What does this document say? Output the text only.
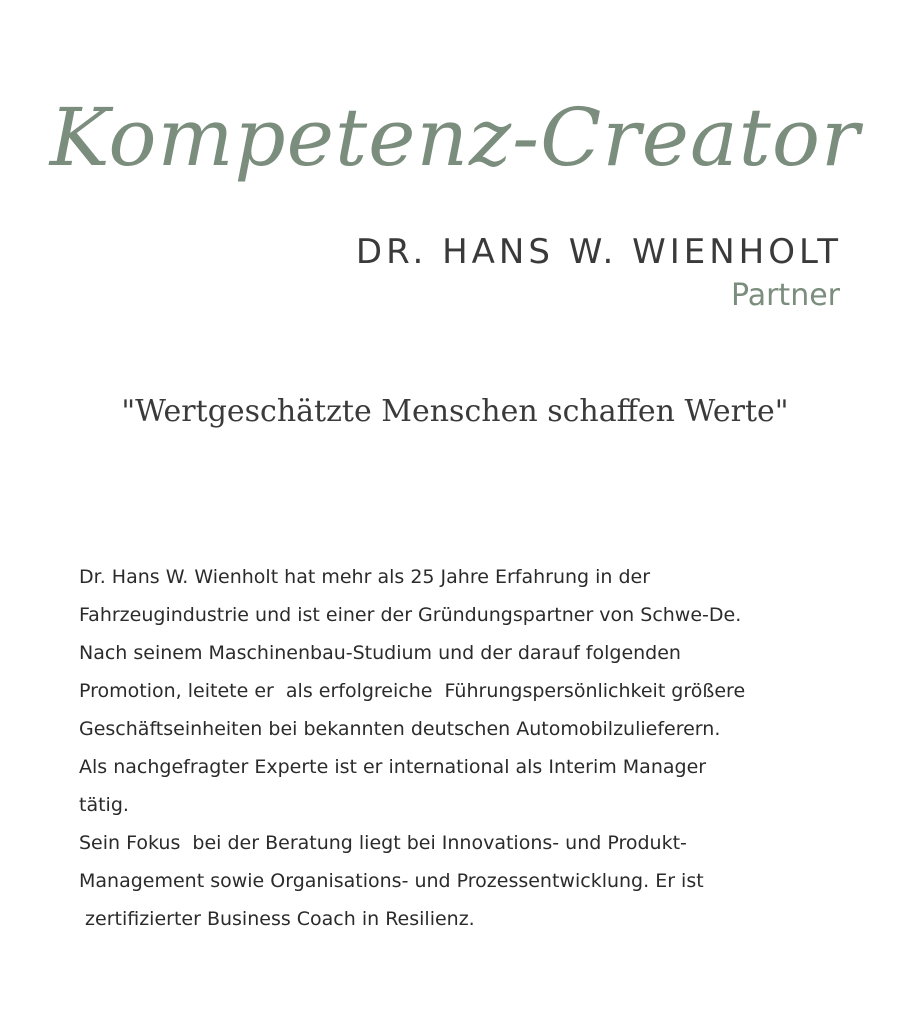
Kompetenz-Creator
DR. HANS W. WIENHOLT
Partner
"Wertgeschätzte Menschen schaffen Werte"
Dr. Hans W. Wienholt hat mehr als 25 Jahre Erfahrung in der
Fahrzeugindustrie und ist einer der Gründungspartner von Schwe-De.
Nach seinem Maschinenbau-Studium und der darauf folgenden
Promotion, leitete er  als erfolgreiche  Führungspersönlichkeit größere
Geschäftseinheiten bei bekannten deutschen Automobilzulieferern.
Als nachgefragter Experte ist er international als Interim Manager
tätig.
Sein Fokus  bei der Beratung liegt bei Innovations- und Produkt-
Management sowie Organisations- und Prozessentwicklung. Er ist
zertifizierter Business Coach in Resilienz.
